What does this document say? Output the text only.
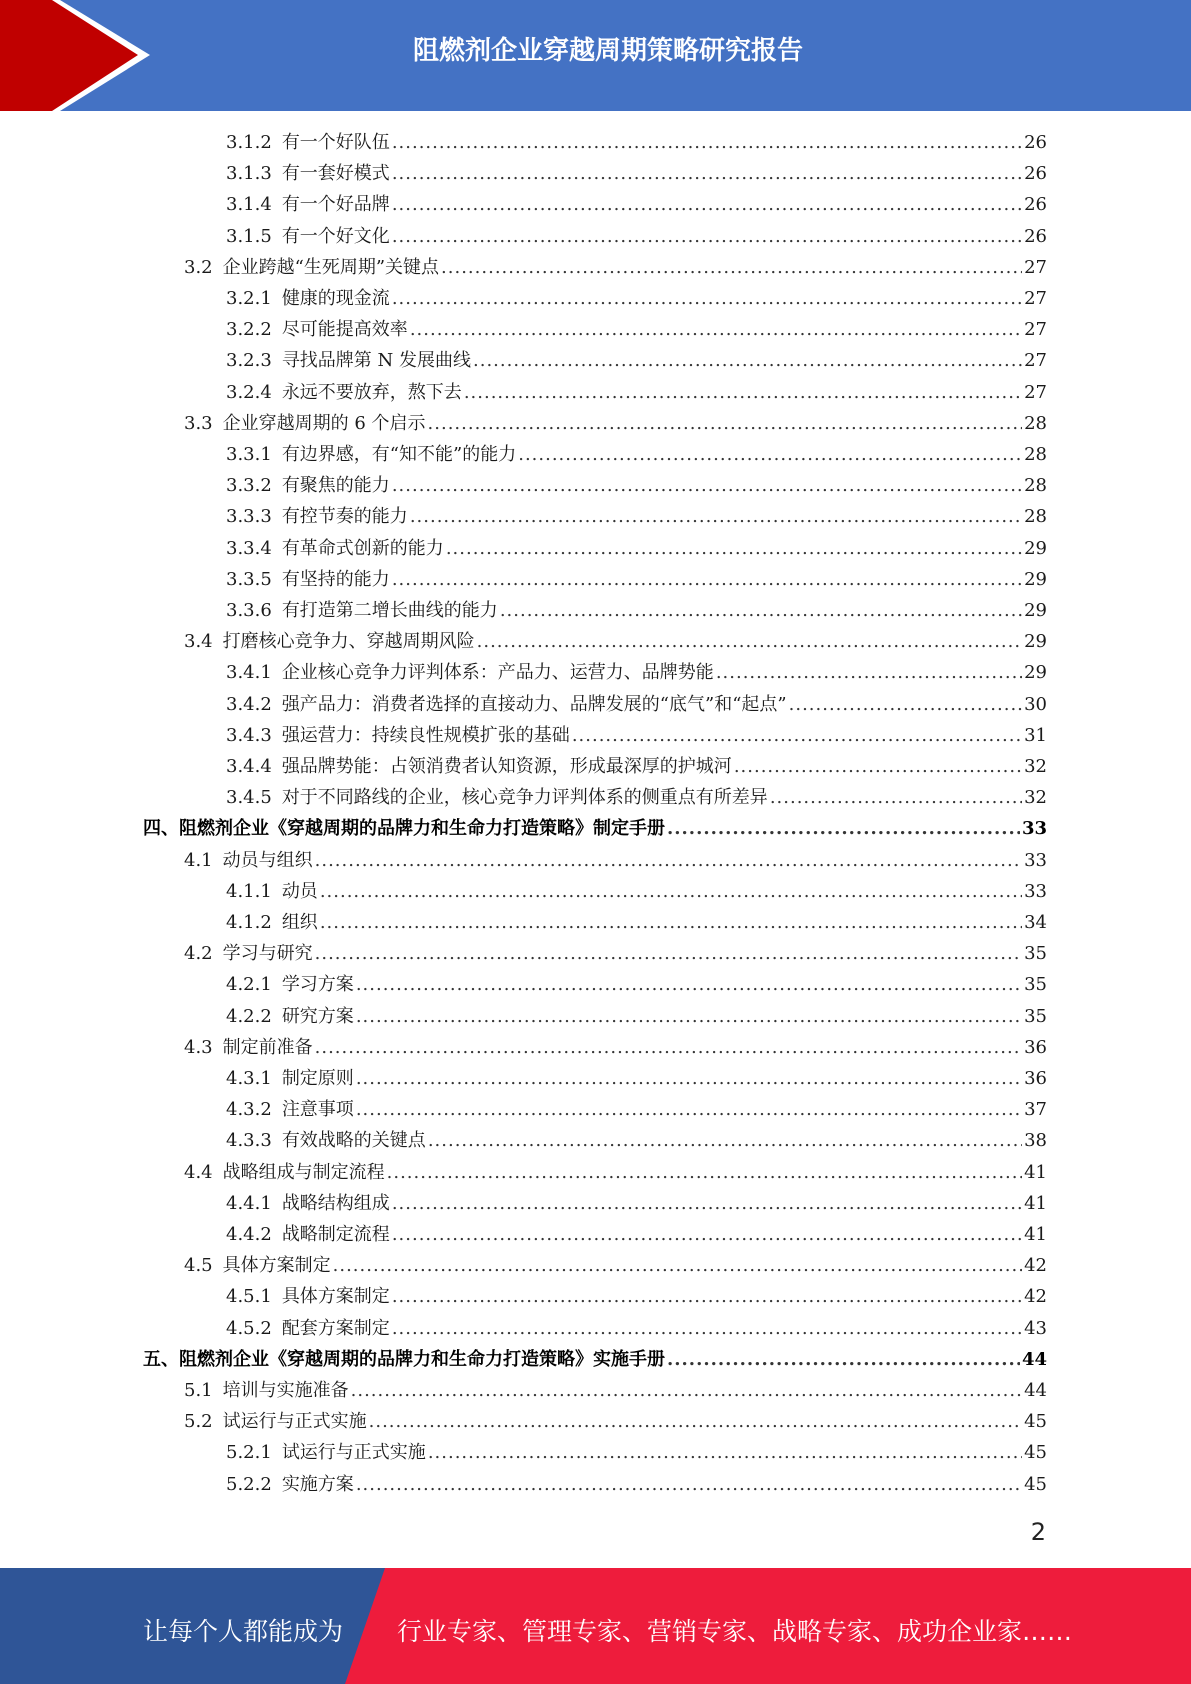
阻燃剂企业穿越周期策略研究报告
3.1.2 有一个好队伍 .....	26
3.1.3 有一套好模式 .....	26
3.1.4 有一个好品牌 .....	26
3.1.5 有一个好文化 .....	26
3.2 企业跨越“生死周期”关键点 .....	27
3.2.1 健康的现金流 .....	27
3.2.2 尽可能提高效率 .....	27
3.2.3 寻找品牌第 N 发展曲线 .....	27
3.2.4 永远不要放弃，熬下去 .....	27
3.3 企业穿越周期的 6 个启示 .....	28
3.3.1 有边界感，有“知不能”的能力 .....	28
3.3.2 有聚焦的能力 .....	28
3.3.3 有控节奏的能力 .....	28
3.3.4 有革命式创新的能力 .....	29
3.3.5 有坚持的能力 .....	29
3.3.6 有打造第二增长曲线的能力 .....	29
3.4 打磨核心竞争力、穿越周期风险 .....	29
3.4.1 企业核心竞争力评判体系：产品力、运营力、品牌势能 .....	29
3.4.2 强产品力：消费者选择的直接动力、品牌发展的“底气”和“起点” .....	30
3.4.3 强运营力：持续良性规模扩张的基础 .....	31
3.4.4 强品牌势能：占领消费者认知资源，形成最深厚的护城河 .....	32
3.4.5 对于不同路线的企业，核心竞争力评判体系的侧重点有所差异 .....	32
四、 阻燃剂企业《穿越周期的品牌力和生命力打造策略》制定手册 .....	33
4.1 动员与组织 .....	33
4.1.1 动员 .....	33
4.1.2 组织 .....	34
4.2 学习与研究 .....	35
4.2.1 学习方案 .....	35
4.2.2 研究方案 .....	35
4.3 制定前准备 .....	36
4.3.1 制定原则 .....	36
4.3.2 注意事项 .....	37
4.3.3 有效战略的关键点 .....	38
4.4 战略组成与制定流程 .....	41
4.4.1 战略结构组成 .....	41
4.4.2 战略制定流程 .....	41
4.5 具体方案制定 .....	42
4.5.1 具体方案制定 .....	42
4.5.2 配套方案制定 .....	43
五、 阻燃剂企业《穿越周期的品牌力和生命力打造策略》实施手册 .....	44
5.1 培训与实施准备 .....	44
5.2 试运行与正式实施 .....	45
5.2.1 试运行与正式实施 .....	45
5.2.2 实施方案 .....	45
2
让每个人都能成为 行业专家、管理专家、营销专家、战略专家、成功企业家……
